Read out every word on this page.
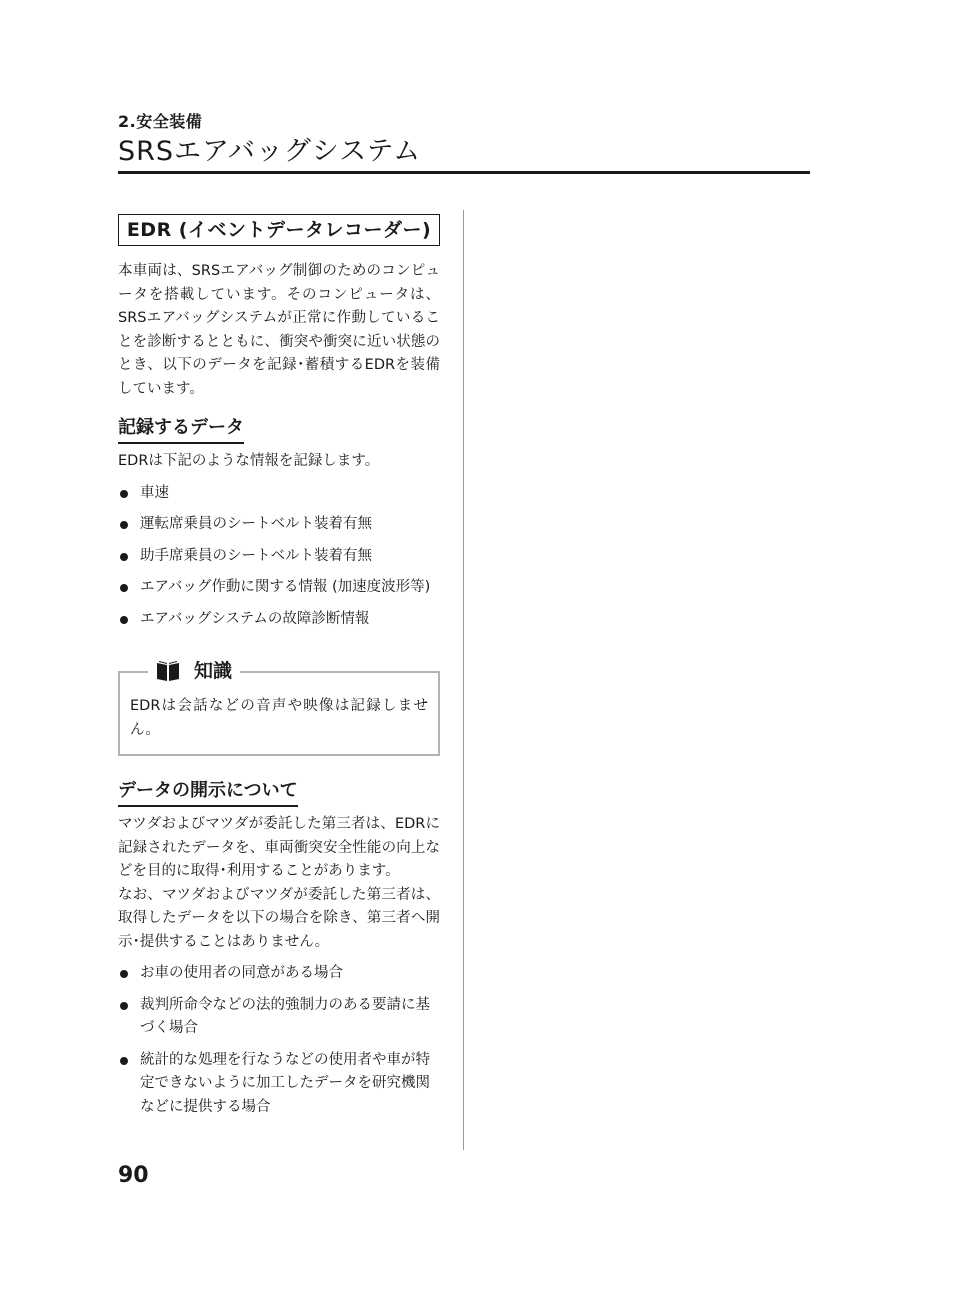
2.安全装備
SRSエアバッグシステム
EDR (イベントデータレコーダー)

本車両は、SRSエアバッグ制御のためのコンピュータを搭載しています。そのコンピュータは、SRSエアバッグシステムが正常に作動していることを診断するとともに、衝突や衝突に近い状態のとき、以下のデータを記録･蓄積するEDRを装備しています。

記録するデータ

EDRは下記のような情報を記録します。

車速
運転席乗員のシートベルト装着有無
助手席乗員のシートベルト装着有無
エアバッグ作動に関する情報 (加速度波形等)
エアバッグシステムの故障診断情報
知識

EDRは会話などの音声や映像は記録しません。

データの開示について

マツダおよびマツダが委託した第三者は、EDRに記録されたデータを、車両衝突安全性能の向上などを目的に取得･利用することがあります。

なお、マツダおよびマツダが委託した第三者は、取得したデータを以下の場合を除き、第三者へ開示･提供することはありません。

お車の使用者の同意がある場合
裁判所命令などの法的強制力のある要請に基づく場合
統計的な処理を行なうなどの使用者や車が特定できないように加工したデータを研究機関などに提供する場合
90
